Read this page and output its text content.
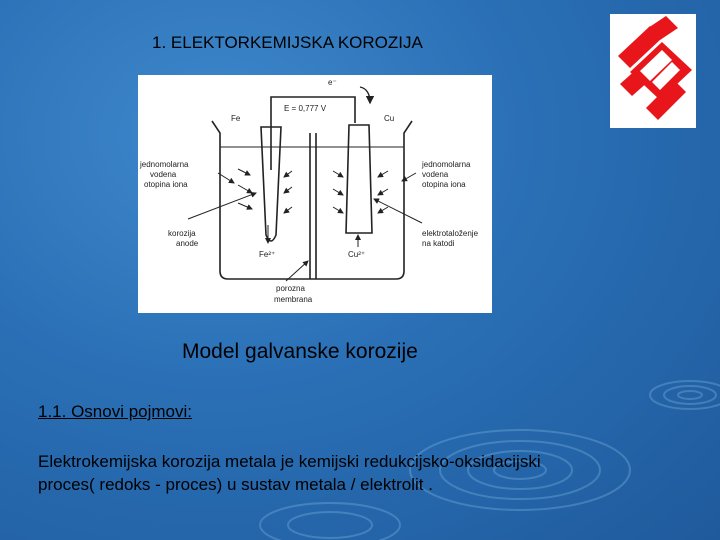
1. ELEKTORKEMIJSKA KOROZIJA
e⁻
E = 0,777 V
Fe	Cu
jednomolarna
vodena
otopina iona
jednomolarna
vodena
otopina iona
korozija
anode
elektrotaloženje
na katodi
Fe²⁺	Cu²⁺
porozna
membrana
Model galvanske korozije
1.1. Osnovi pojmovi:
Elektrokemijska korozija metala je kemijski redukcijsko-oksidacijski
proces( redoks - proces) u sustav metala / elektrolit .
